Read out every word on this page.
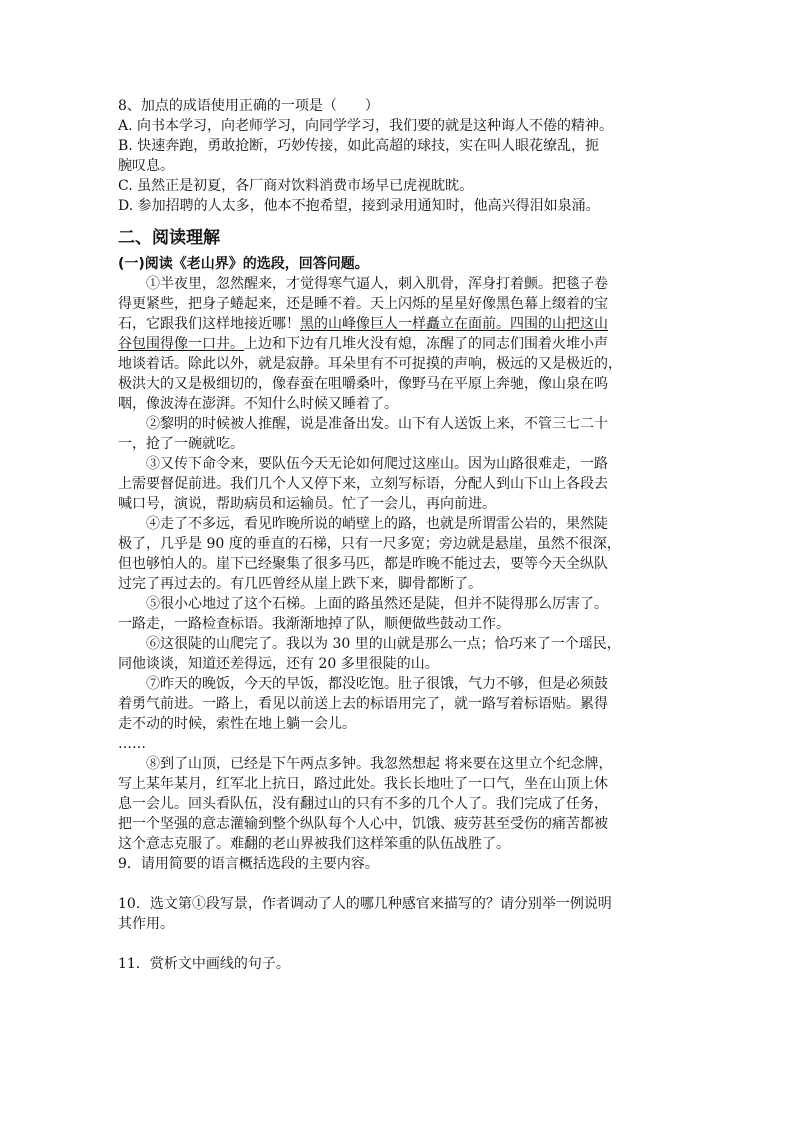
8、加点的成语使用正确的一项是（　　）
A. 向书本学习，向老师学习，向同学学习，我们要的就是这种诲人不倦的精神。
B. 快速奔跑，勇敢抢断，巧妙传接，如此高超的球技，实在叫人眼花缭乱，扼
腕叹息。
C. 虽然正是初夏，各厂商对饮料消费市场早已虎视眈眈。
D. 参加招聘的人太多，他本不抱希望，接到录用通知时，他高兴得泪如泉涌。
二、阅读理解
(一)阅读《老山界》的选段，回答问题。
①半夜里，忽然醒来，才觉得寒气逼人，刺入肌骨，浑身打着颤。把毯子卷
得更紧些，把身子蜷起来，还是睡不着。天上闪烁的星星好像黑色幕上缀着的宝
石，它跟我们这样地接近哪！黑的山峰像巨人一样矗立在面前。四围的山把这山
谷包围得像一口井。上边和下边有几堆火没有熄，冻醒了的同志们围着火堆小声
地谈着话。除此以外，就是寂静。耳朵里有不可捉摸的声响，极远的又是极近的，
极洪大的又是极细切的，像春蚕在咀嚼桑叶，像野马在平原上奔驰，像山泉在呜
咽，像波涛在澎湃。不知什么时候又睡着了。
②黎明的时候被人推醒，说是准备出发。山下有人送饭上来，不管三七二十
一，抢了一碗就吃。
③又传下命令来，要队伍今天无论如何爬过这座山。因为山路很难走，一路
上需要督促前进。我们几个人又停下来，立刻写标语，分配人到山下山上各段去
喊口号，演说，帮助病员和运输员。忙了一会儿，再向前进。
④走了不多远，看见昨晚所说的峭壁上的路，也就是所谓雷公岩的，果然陡
极了，几乎是 90 度的垂直的石梯，只有一尺多宽；旁边就是悬崖，虽然不很深，
但也够怕人的。崖下已经聚集了很多马匹，都是昨晚不能过去，要等今天全纵队
过完了再过去的。有几匹曾经从崖上跌下来，脚骨都断了。
⑤很小心地过了这个石梯。上面的路虽然还是陡，但并不陡得那么厉害了。
一路走，一路检查标语。我渐渐地掉了队，顺便做些鼓动工作。
⑥这很陡的山爬完了。我以为 30 里的山就是那么一点；恰巧来了一个瑶民，
同他谈谈，知道还差得远，还有 20 多里很陡的山。
⑦昨天的晚饭，今天的早饭，都没吃饱。肚子很饿，气力不够，但是必须鼓
着勇气前进。一路上，看见以前送上去的标语用完了，就一路写着标语贴。累得
走不动的时候，索性在地上躺一会儿。
……
⑧到了山顶，已经是下午两点多钟。我忽然想起 将来要在这里立个纪念牌，
写上某年某月，红军北上抗日，路过此处。我长长地吐了一口气，坐在山顶上休
息一会儿。回头看队伍，没有翻过山的只有不多的几个人了。我们完成了任务，
把一个坚强的意志灌输到整个纵队每个人心中，饥饿、疲劳甚至受伤的痛苦都被
这个意志克服了。难翻的老山界被我们这样笨重的队伍战胜了。
9．请用简要的语言概括选段的主要内容。
10．选文第①段写景，作者调动了人的哪几种感官来描写的？请分别举一例说明
其作用。
11．赏析文中画线的句子。
